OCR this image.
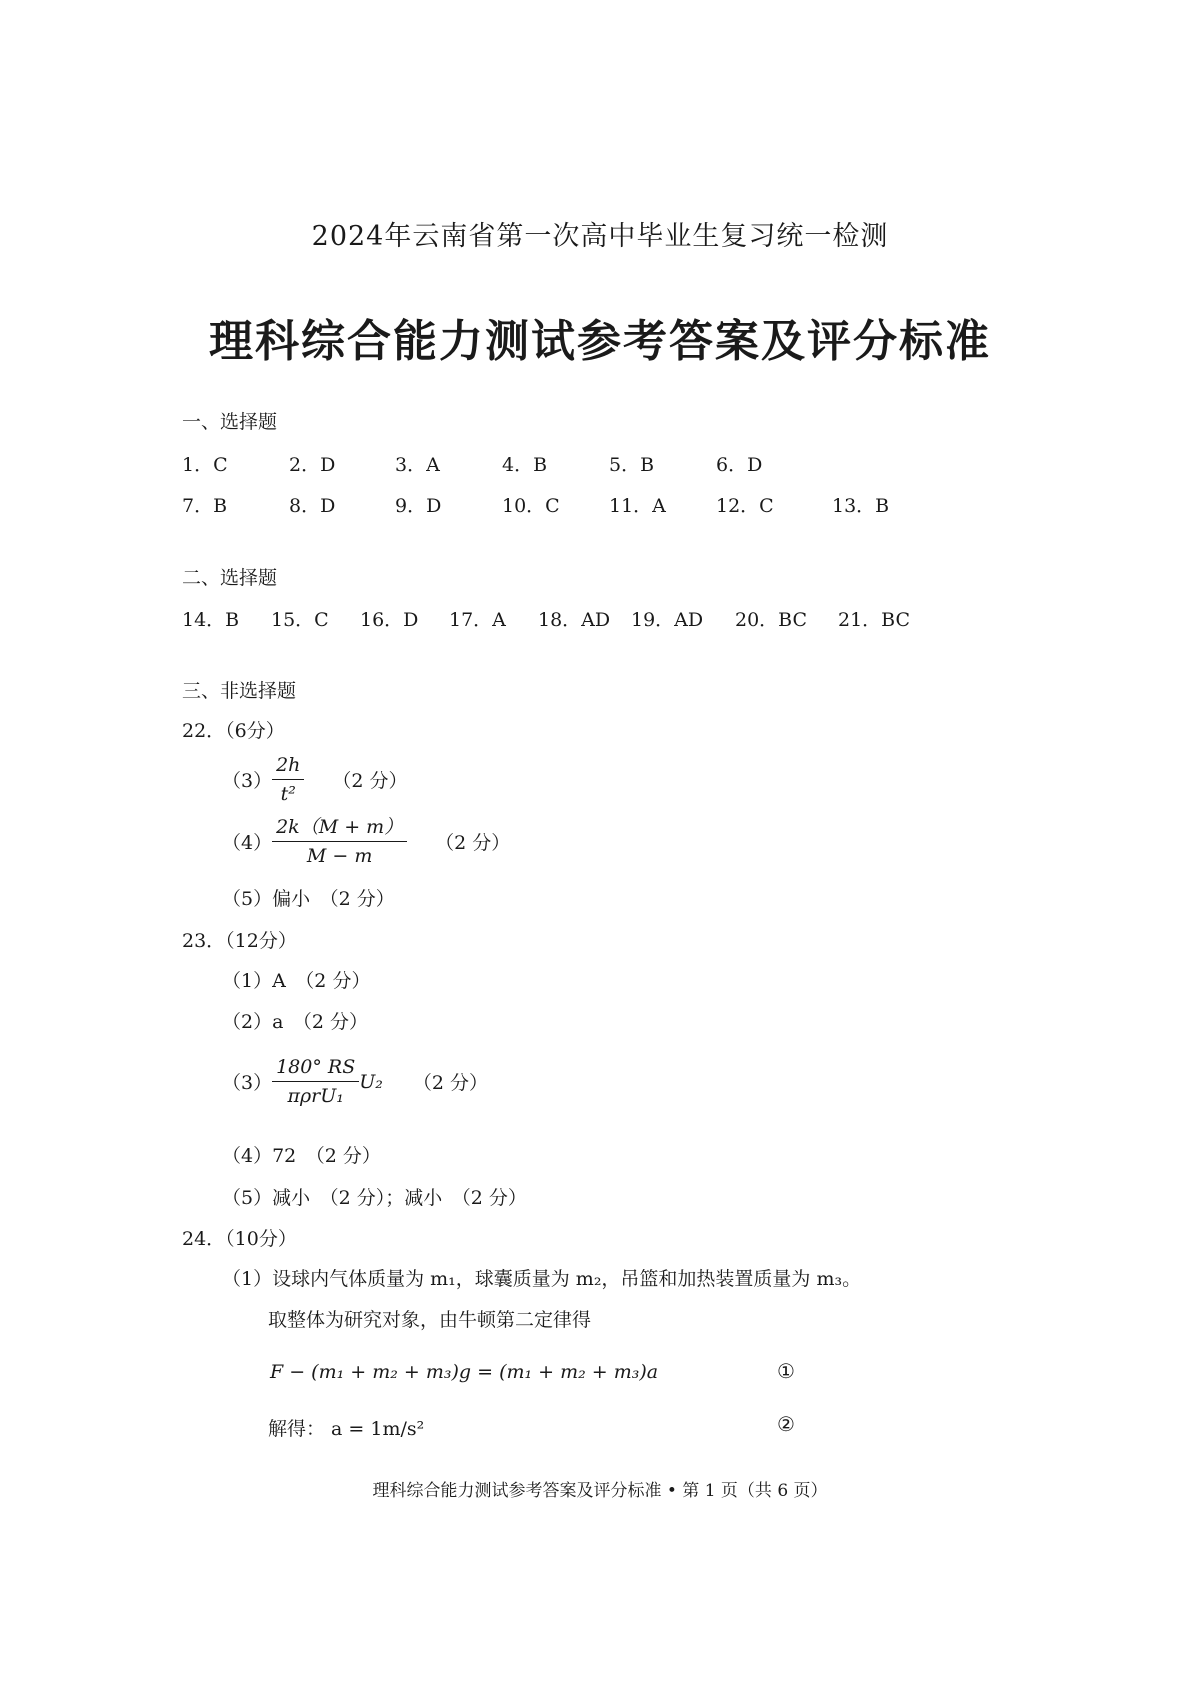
2024年云南省第一次高中毕业生复习统一检测
理科综合能力测试参考答案及评分标准
一、选择题
1．C	2．D	3．A	4．B	5．B	6．D
7．B	8．D	9．D	10．C	11．A	12．C	13．B
二、选择题
14．B 15．C 16．D 17．A 18．AD 19．AD 20．BC 21．BC
三、非选择题
22．（6分）
$(3) \frac{2h}{\text{t²}} (2$ 分）
$(4) \frac{2k(M + m)}{M - m} (2$ 分）
（5）偏小　（2 分）
23．（12分）
（1）A　（2 分）
（2）a　（2 分）
$(3) \frac{180^\circ RS}{\text{πρrU₁}} U_2$ （2 分）
（4）72　（2 分）
（5）减小　（2 分）；减小　（2 分）
24．（10分）
（1）设球内气体质量为 m₁，球囊质量为 m₂，吊篮和加热装置质量为 m₃。
取整体为研究对象，由牛顿第二定律得
F − (m₁ + m₂ + m₃)g = (m₁ + m₂ + m₃)a	①
解得： a = 1m/s²	②
理科综合能力测试参考答案及评分标准 • 第 1 页（共 6 页）
